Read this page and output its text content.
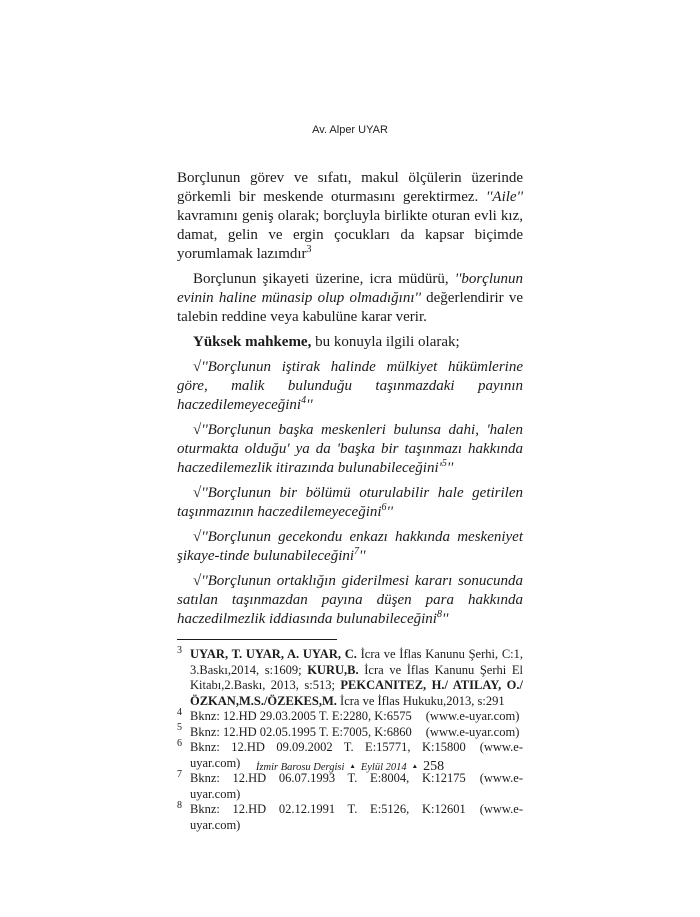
Av. Alper UYAR

Borçlunun görev ve sıfatı, makul ölçülerin üzerinde görkemli bir meskende oturmasını gerektirmez. ''Aile'' kavramını geniş olarak; borçluyla birlikte oturan evli kız, damat, gelin ve ergin çocukları da kapsar biçimde yorumlamak lazımdır$^3$

Borçlunun şikayeti üzerine, icra müdürü, ''borçlunun evinin haline münasip olup olmadığını'' değerlendirir ve talebin reddine veya kabulüne karar verir.

Yüksek mahkeme, bu konuyla ilgili olarak;

√''Borçlunun iştirak halinde mülkiyet hükümlerine göre, malik bulunduğu taşınmazdaki payının haczedilemeyeceğini$^4$''

√''Borçlunun başka meskenleri bulunsa dahi, 'halen oturmakta olduğu' ya da 'başka bir taşınmazı hakkında haczedilemezlik itirazında $bulunabileceğini'^5''$

√''Borçlunun bir bölümü oturulabilir hale getirilen taşınmazının haczedilemeyeceğini$^6$''

√''Borçlunun gecekondu enkazı hakkında meskeniyet şikaye-tinde bulunabileceğini$^7$''

√''Borçlunun ortaklığın giderilmesi kararı sonucunda satılan taşınmazdan payına düşen para hakkında haczedilmezlik iddiasında bulunabileceğini$^8$''

$^3$ UYAR, T. UYAR, A. UYAR, C. İcra ve İflas Kanunu Şerhi, C:1, 3.Baskı,2014, s:1609; KURU,B. İcra ve İflas Kanunu Şerhi El Kitabı,2.Baskı, 2013, s:513; PEKCANITEZ, H./ ATILAY, O./ ÖZKAN,M.S./ÖZEKES,M. İcra ve İflas Hukuku,2013, s:291
$^4$ Bknz: 12.HD 29.03.2005 T. E:2280, K:6575 (www.e-uyar.com)
$^5$ Bknz: 12.HD 02.05.1995 T. E:7005, K:6860 (www.e-uyar.com)
$^6$ Bknz: 12.HD 09.09.2002 T. E:15771, K:15800 (www.e-uyar.com)
$^7$ Bknz: 12.HD 06.07.1993 T. E:8004, K:12175 (www.e-uyar.com)
$^8$ Bknz: 12.HD 02.12.1991 T. E:5126, K:12601 (www.e-uyar.com)
İzmir Barosu Dergisi ▲ Eylül 2014 ▲ 258
